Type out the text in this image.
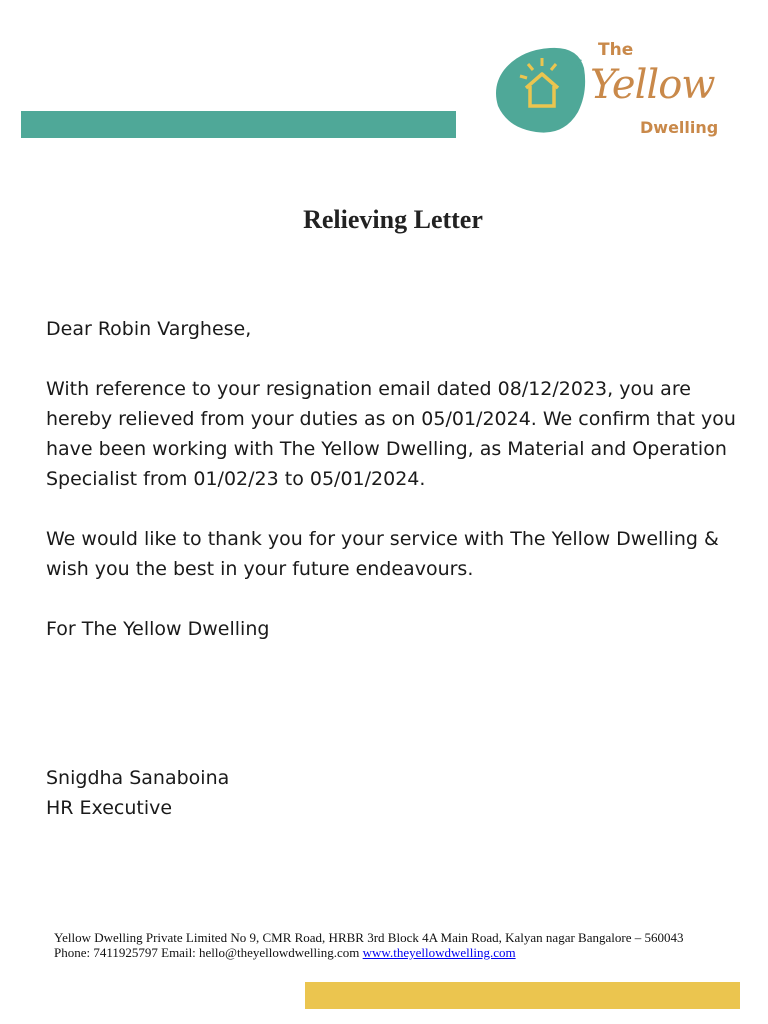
The
Yellow
Dwelling
Relieving Letter

Dear Robin Varghese,

With reference to your resignation email dated 08/12/2023, you are hereby relieved from your duties as on 05/01/2024. We confirm that you have been working with The Yellow Dwelling, as Material and Operation Specialist from 01/02/23 to 05/01/2024.

We would like to thank you for your service with The Yellow Dwelling & wish you the best in your future endeavours.

For The Yellow Dwelling

Snigdha Sanaboina

HR Executive

Yellow Dwelling Private Limited No 9, CMR Road, HRBR 3rd Block 4A Main Road, Kalyan nagar Bangalore – 560043 Phone: 7411925797 Email: hello@theyellowdwelling.com www.theyellowdwelling.com
